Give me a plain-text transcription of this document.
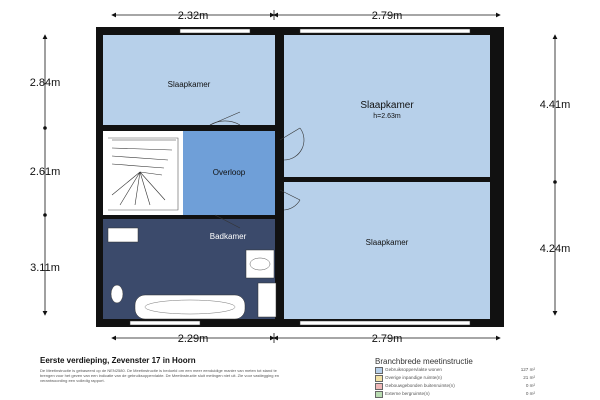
2.32m	2.79m
2.29m	2.79m
2.84m
2.61m
3.11m
4.41m
4.24m
Slaapkamer
Slaapkamer
h=2.63m
Overloop
Badkamer
Slaapkamer
Eerste verdieping, Zevenster 17 in Hoorn
De Meetinstructie is gebaseerd op de NEN2580. De Meetinstructie is bedoeld om een meer eenduidige manier van meten tot stand te brengen voor het geven van een indicatie van de gebruiksoppervlakte. De Meetinstructie sluit metingen niet uit. Zie voor vastlegging en verantwoording een volledig rapport.
Branchbrede meetinstructie
Gebruiksoppervlakte wonen	127 m²
Overige inpandige ruimte(n)	21 m²
Gebouwgebonden buitenruimte(n)	0 m²
Externe bergruimte(n)	0 m²
